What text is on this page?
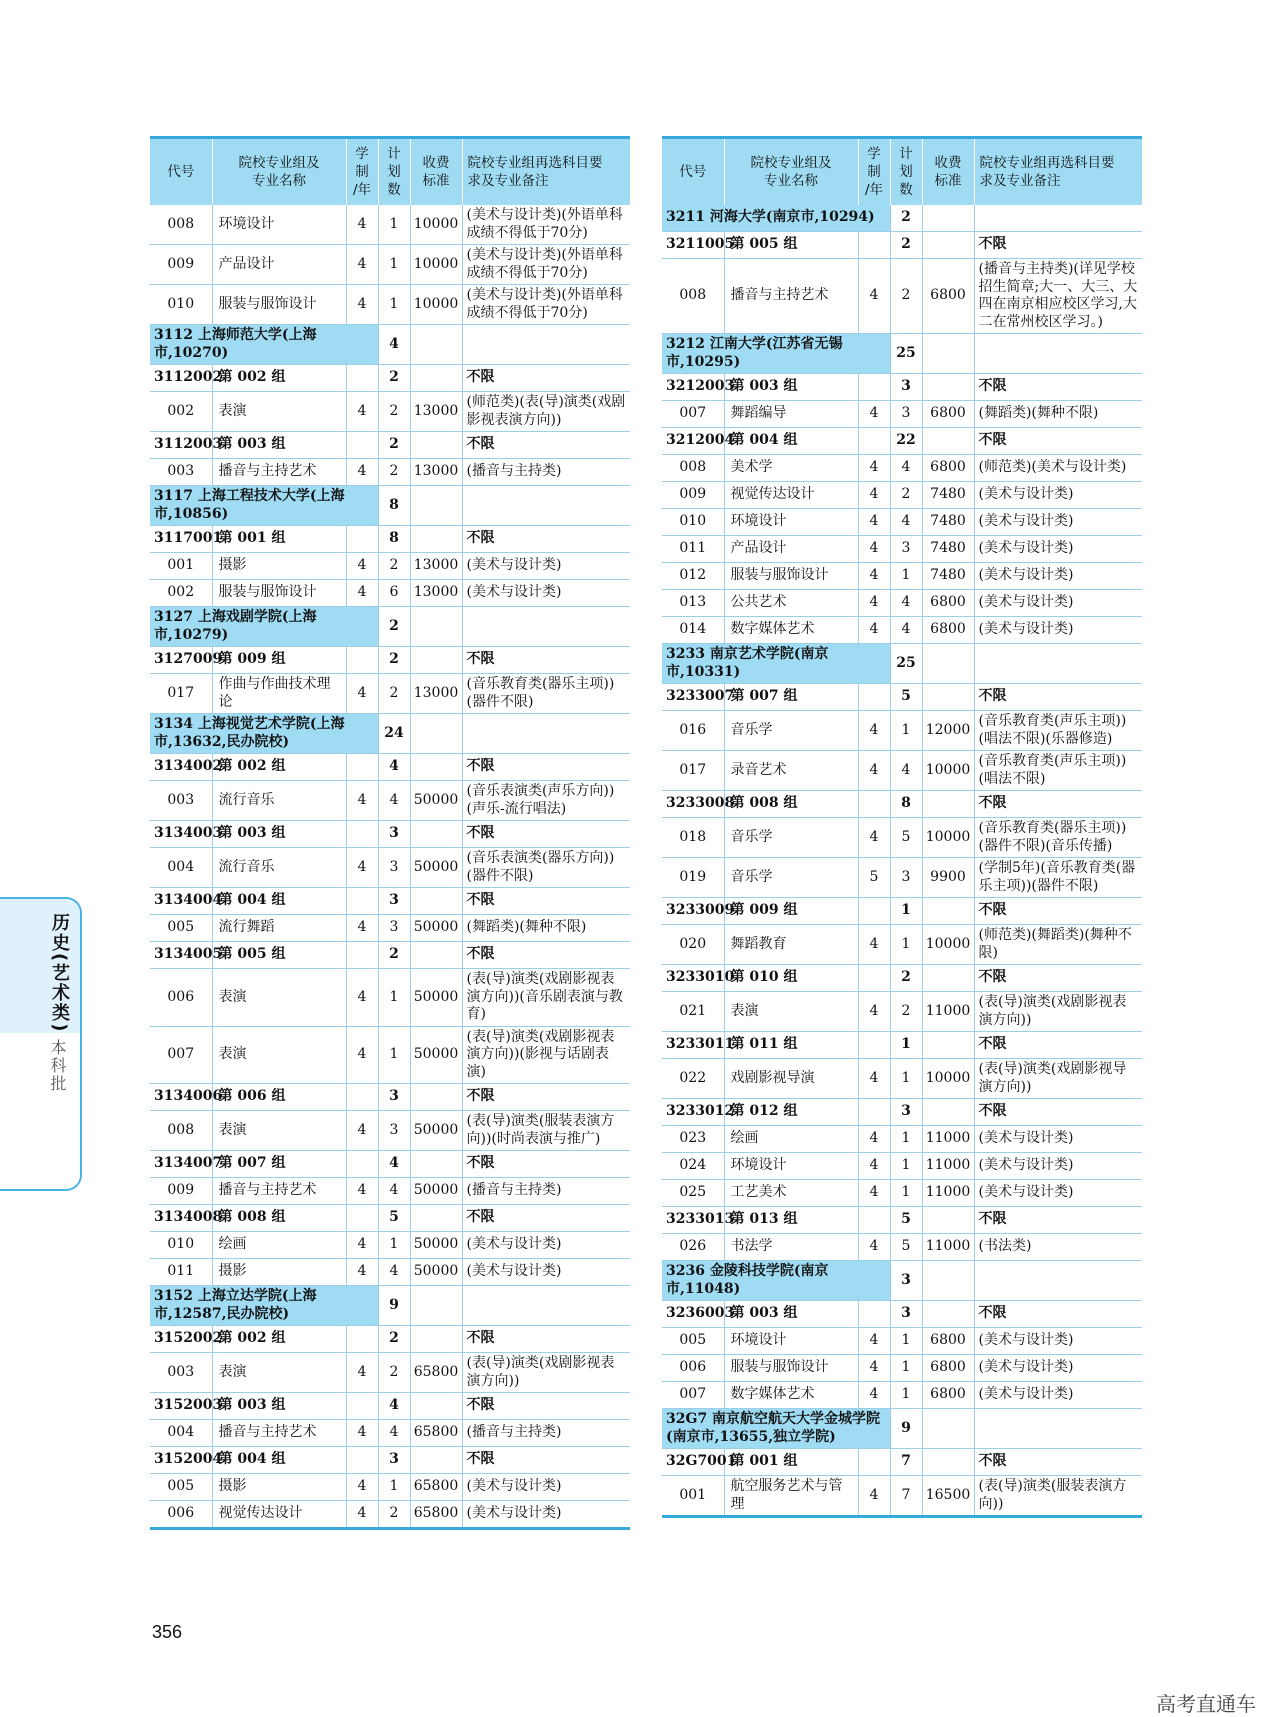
代号	院校专业组及
专业名称	学
制
/年	计
划
数	收费
标准	院校专业组再选科目要
求及专业备注
008	环境设计	4	1	10000	(美术与设计类)(外语单科成绩不得低于70分)
009	产品设计	4	1	10000	(美术与设计类)(外语单科成绩不得低于70分)
010	服装与服饰设计	4	1	10000	(美术与设计类)(外语单科成绩不得低于70分)
3112 上海师范大学(上海市,10270)			4		
3112002	第 002 组		2		不限
002	表演	4	2	13000	(师范类)(表(导)演类(戏剧影视表演方向))
3112003	第 003 组		2		不限
003	播音与主持艺术	4	2	13000	(播音与主持类)
3117 上海工程技术大学(上海市,10856)			8		
3117001	第 001 组		8		不限
001	摄影	4	2	13000	(美术与设计类)
002	服装与服饰设计	4	6	13000	(美术与设计类)
3127 上海戏剧学院(上海市,10279)			2		
3127009	第 009 组		2		不限
017	作曲与作曲技术理论	4	2	13000	(音乐教育类(器乐主项))(器件不限)
3134 上海视觉艺术学院(上海市,13632,民办院校)			24		
3134002	第 002 组		4		不限
003	流行音乐	4	4	50000	(音乐表演类(声乐方向))(声乐-流行唱法)
3134003	第 003 组		3		不限
004	流行音乐	4	3	50000	(音乐表演类(器乐方向))(器件不限)
3134004	第 004 组		3		不限
005	流行舞蹈	4	3	50000	(舞蹈类)(舞种不限)
3134005	第 005 组		2		不限
006	表演	4	1	50000	(表(导)演类(戏剧影视表演方向))(音乐剧表演与教育)
007	表演	4	1	50000	(表(导)演类(戏剧影视表演方向))(影视与话剧表演)
3134006	第 006 组		3		不限
008	表演	4	3	50000	(表(导)演类(服装表演方向))(时尚表演与推广)
3134007	第 007 组		4		不限
009	播音与主持艺术	4	4	50000	(播音与主持类)
3134008	第 008 组		5		不限
010	绘画	4	1	50000	(美术与设计类)
011	摄影	4	4	50000	(美术与设计类)
3152 上海立达学院(上海市,12587,民办院校)			9		
3152002	第 002 组		2		不限
003	表演	4	2	65800	(表(导)演类(戏剧影视表演方向))
3152003	第 003 组		4		不限
004	播音与主持艺术	4	4	65800	(播音与主持类)
3152004	第 004 组		3		不限
005	摄影	4	1	65800	(美术与设计类)
006	视觉传达设计	4	2	65800	(美术与设计类)
代号	院校专业组及
专业名称	学
制
/年	计
划
数	收费
标准	院校专业组再选科目要
求及专业备注
3211 河海大学(南京市,10294)			2		
3211005	第 005 组		2		不限
008	播音与主持艺术	4	2	6800	(播音与主持类)(详见学校招生简章;大一、大三、大四在南京相应校区学习,大二在常州校区学习。)
3212 江南大学(江苏省无锡市,10295)			25		
3212003	第 003 组		3		不限
007	舞蹈编导	4	3	6800	(舞蹈类)(舞种不限)
3212004	第 004 组		22		不限
008	美术学	4	4	6800	(师范类)(美术与设计类)
009	视觉传达设计	4	2	7480	(美术与设计类)
010	环境设计	4	4	7480	(美术与设计类)
011	产品设计	4	3	7480	(美术与设计类)
012	服装与服饰设计	4	1	7480	(美术与设计类)
013	公共艺术	4	4	6800	(美术与设计类)
014	数字媒体艺术	4	4	6800	(美术与设计类)
3233 南京艺术学院(南京市,10331)			25		
3233007	第 007 组		5		不限
016	音乐学	4	1	12000	(音乐教育类(声乐主项))(唱法不限)(乐器修造)
017	录音艺术	4	4	10000	(音乐教育类(声乐主项))(唱法不限)
3233008	第 008 组		8		不限
018	音乐学	4	5	10000	(音乐教育类(器乐主项))(器件不限)(音乐传播)
019	音乐学	5	3	9900	(学制5年)(音乐教育类(器乐主项))(器件不限)
3233009	第 009 组		1		不限
020	舞蹈教育	4	1	10000	(师范类)(舞蹈类)(舞种不限)
3233010	第 010 组		2		不限
021	表演	4	2	11000	(表(导)演类(戏剧影视表演方向))
3233011	第 011 组		1		不限
022	戏剧影视导演	4	1	10000	(表(导)演类(戏剧影视导演方向))
3233012	第 012 组		3		不限
023	绘画	4	1	11000	(美术与设计类)
024	环境设计	4	1	11000	(美术与设计类)
025	工艺美术	4	1	11000	(美术与设计类)
3233013	第 013 组		5		不限
026	书法学	4	5	11000	(书法类)
3236 金陵科技学院(南京市,11048)			3		
3236003	第 003 组		3		不限
005	环境设计	4	1	6800	(美术与设计类)
006	服装与服饰设计	4	1	6800	(美术与设计类)
007	数字媒体艺术	4	1	6800	(美术与设计类)
32G7 南京航空航天大学金城学院(南京市,13655,独立学院)			9		
32G7001	第 001 组		7		不限
001	航空服务艺术与管理	4	7	16500	(表(导)演类(服装表演方向))
历史(艺术类)
本科批
356
高考直通车
